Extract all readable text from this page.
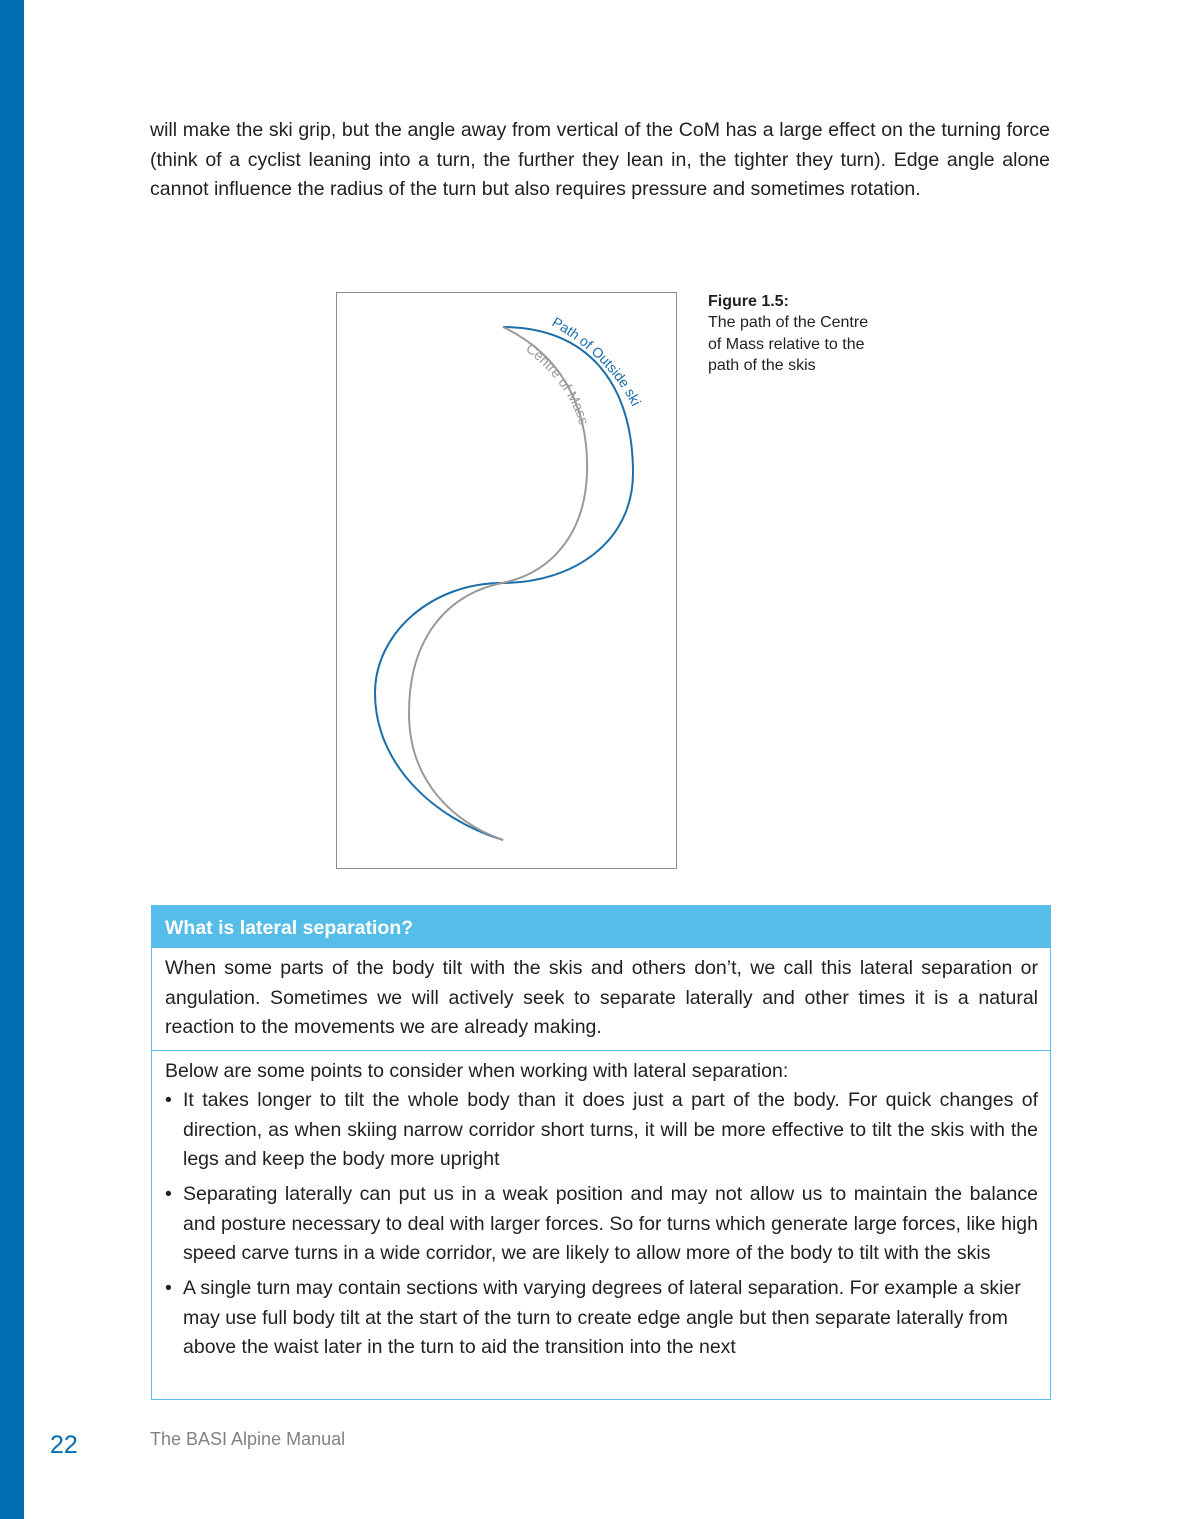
will make the ski grip, but the angle away from vertical of the CoM has a large effect on the turning force (think of a cyclist leaning into a turn, the further they lean in, the tighter they turn). Edge angle alone cannot influence the radius of the turn but also requires pressure and sometimes rotation.

Path of Outside ski
Centre of Mass
Figure 1.5:
The path of the Centre of Mass relative to the path of the skis
What is lateral separation?
When some parts of the body tilt with the skis and others don’t, we call this lateral separation or angulation. Sometimes we will actively seek to separate laterally and other times it is a natural reaction to the movements we are already making.

Below are some points to consider when working with lateral separation:

• It takes longer to tilt the whole body than it does just a part of the body. For quick changes of direction, as when skiing narrow corridor short turns, it will be more effective to tilt the skis with the legs and keep the body more upright
• Separating laterally can put us in a weak position and may not allow us to maintain the balance and posture necessary to deal with larger forces. So for turns which generate large forces, like high speed carve turns in a wide corridor, we are likely to allow more of the body to tilt with the skis
• A single turn may contain sections with varying degrees of lateral separation. For example a skier may use full body tilt at the start of the turn to create edge angle but then separate laterally from above the waist later in the turn to aid the transition into the next
22	The BASI Alpine Manual
